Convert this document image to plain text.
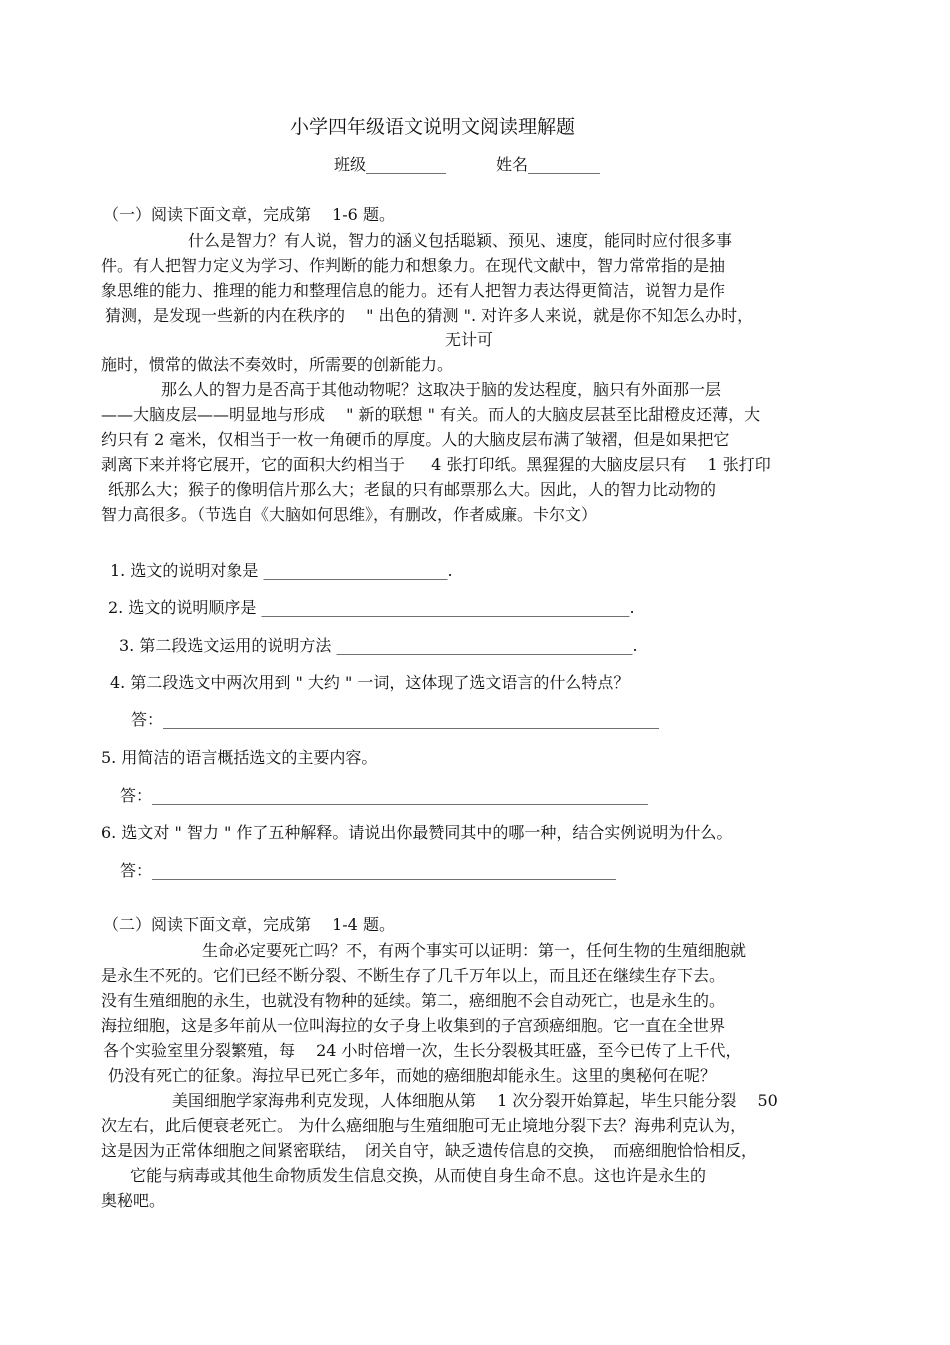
小学四年级语文说明文阅读理解题
班级__________	姓名_________
（一）阅读下面文章，完成第　 1-6 题。
什么是智力？有人说，智力的涵义包括聪颖、预见、速度，能同时应付很多事
件。有人把智力定义为学习、作判断的能力和想象力。在现代文献中，智力常常指的是抽
象思维的能力、推理的能力和整理信息的能力。还有人把智力表达得更简洁，说智力是作
猜测，是发现一些新的内在秩序的　 " 出色的猜测 ". 对许多人来说，就是你不知怎么办时，
无计可
施时，惯常的做法不奏效时，所需要的创新能力。
那么人的智力是否高于其他动物呢？这取决于脑的发达程度，脑只有外面那一层
——大脑皮层——明显地与形成　 " 新的联想 " 有关。而人的大脑皮层甚至比甜橙皮还薄，大
约只有 2 毫米，仅相当于一枚一角硬币的厚度。人的大脑皮层布满了皱褶，但是如果把它
剥离下来并将它展开，它的面积大约相当于　  4 张打印纸。黑猩猩的大脑皮层只有　 1 张打印
纸那么大；猴子的像明信片那么大；老鼠的只有邮票那么大。因此，人的智力比动物的
智力高很多。（节选自《大脑如何思维》，有删改，作者威廉。卡尔文）
1. 选文的说明对象是 _______________________.
2. 选文的说明顺序是 ______________________________________________.
3. 第二段选文运用的说明方法 _____________________________________.
4. 第二段选文中两次用到 " 大约 " 一词，这体现了选文语言的什么特点？
答：______________________________________________________________
5. 用简洁的语言概括选文的主要内容。
答：______________________________________________________________
6. 选文对 " 智力 " 作了五种解释。请说出你最赞同其中的哪一种，结合实例说明为什么。
答：__________________________________________________________
（二）阅读下面文章，完成第　 1-4 题。
生命必定要死亡吗？不，有两个事实可以证明：第一，任何生物的生殖细胞就
是永生不死的。它们已经不断分裂、不断生存了几千万年以上，而且还在继续生存下去。
没有生殖细胞的永生，也就没有物种的延续。第二，癌细胞不会自动死亡，也是永生的。
海拉细胞，这是多年前从一位叫海拉的女子身上收集到的子宫颈癌细胞。它一直在全世界
各个实验室里分裂繁殖，每　 24 小时倍增一次，生长分裂极其旺盛，至今已传了上千代，
仍没有死亡的征象。海拉早已死亡多年，而她的癌细胞却能永生。这里的奥秘何在呢？
美国细胞学家海弗利克发现，人体细胞从第　 1 次分裂开始算起，毕生只能分裂　 50
次左右，此后便衰老死亡。 为什么癌细胞与生殖细胞可无止境地分裂下去？海弗利克认为，
这是因为正常体细胞之间紧密联结，　闭关自守，缺乏遗传信息的交换，　而癌细胞恰恰相反，
它能与病毒或其他生命物质发生信息交换，从而使自身生命不息。这也许是永生的
奥秘吧。
